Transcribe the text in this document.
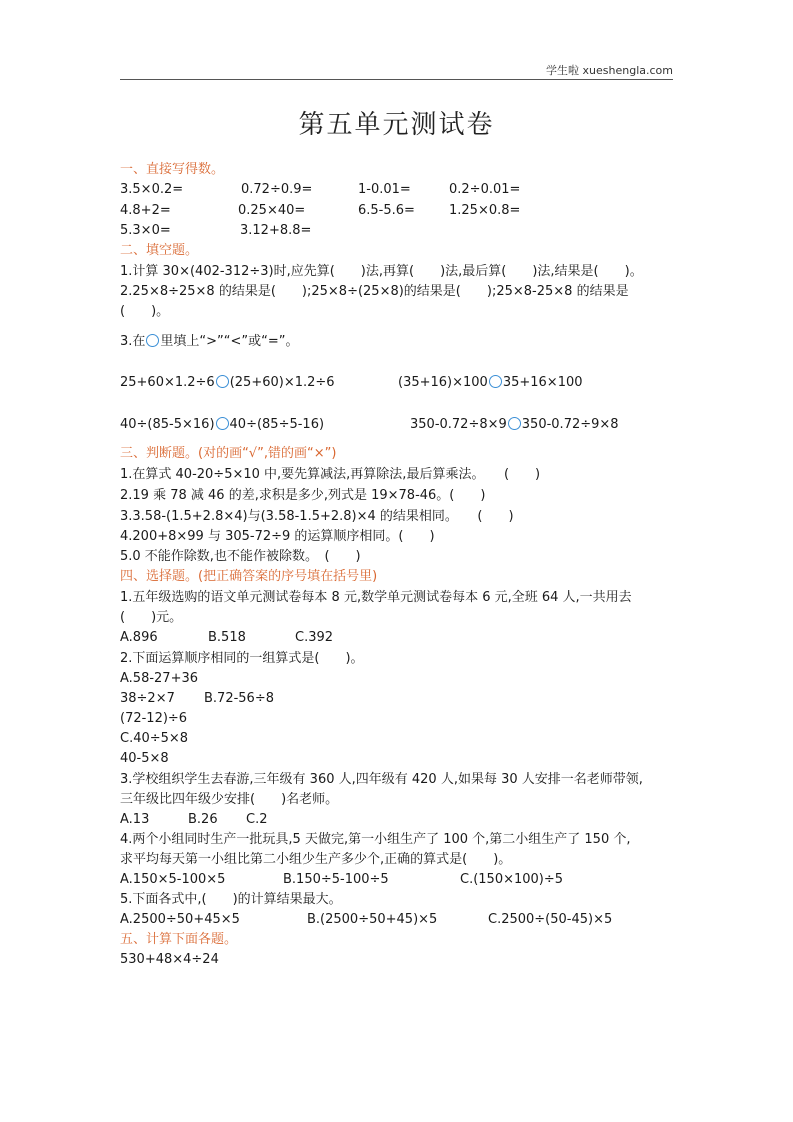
学生啦 xueshengla.com
第五单元测试卷
一、直接写得数。
3.5×0.2=	0.72÷0.9=	1-0.01=	0.2÷0.01=
4.8+2=	0.25×40=	6.5-5.6=	1.25×0.8=
5.3×0=	3.12+8.8=
二、填空题。
1.计算 30×(402-312÷3)时,应先算(　　)法,再算(　　)法,最后算(　　)法,结果是(　　)。
2.25×8÷25×8 的结果是(　　);25×8÷(25×8)的结果是(　　);25×8-25×8 的结果是
(　　)。
3.在 里填上“>”“<”或“=”。
25+60×1.2÷6 (25+60)×1.2÷6	(35+16)×100 35+16×100
40÷(85-5×16) 40÷(85÷5-16)	350-0.72÷8×9 350-0.72÷9×8
三、判断题。(对的画“√”,错的画“×”)
1.在算式 40-20÷5×10 中,要先算减法,再算除法,最后算乘法。　　(　　)
2.19 乘 78 减 46 的差,求积是多少,列式是 19×78-46。(　　)
3.3.58-(1.5+2.8×4)与(3.58-1.5+2.8)×4 的结果相同。　　(　　)
4.200+8×99 与 305-72÷9 的运算顺序相同。(　　)
5.0 不能作除数,也不能作被除数。　(　　)
四、选择题。(把正确答案的序号填在括号里)
1.五年级选购的语文单元测试卷每本 8 元,数学单元测试卷每本 6 元,全班 64 人,一共用去
(　　)元。
A.896	B.518	C.392
2.下面运算顺序相同的一组算式是(　　)。
A.58-27+36
38÷2×7 B.72-56÷8
(72-12)÷6
C.40÷5×8
40-5×8
3.学校组织学生去春游,三年级有 360 人,四年级有 420 人,如果每 30 人安排一名老师带领,
三年级比四年级少安排(　　)名老师。
A.13	B.26 C.2
4.两个小组同时生产一批玩具,5 天做完,第一小组生产了 100 个,第二小组生产了 150 个,
求平均每天第一小组比第二小组少生产多少个,正确的算式是(　　)。
A.150×5-100×5	B.150÷5-100÷5	C.(150×100)÷5
5.下面各式中,(　　)的计算结果最大。
A.2500÷50+45×5	B.(2500÷50+45)×5	C.2500÷(50-45)×5
五、计算下面各题。
530+48×4÷24
